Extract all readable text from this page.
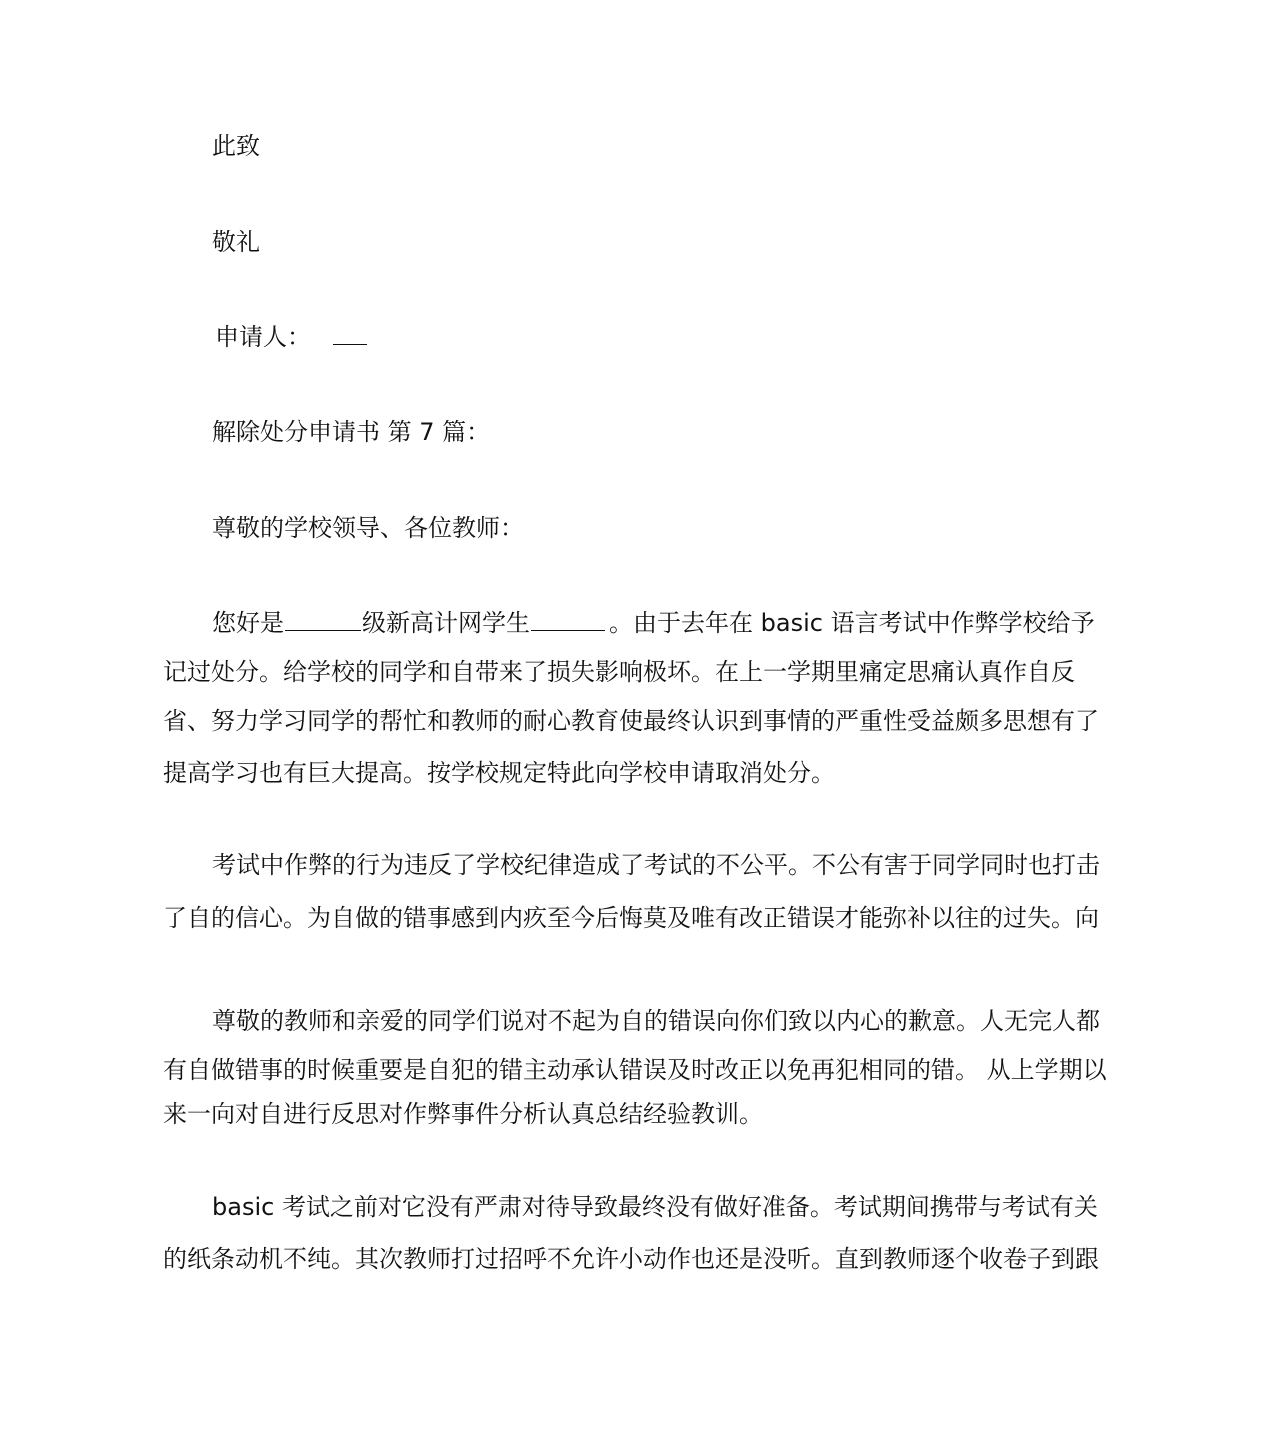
此致
敬礼
申请人：
解除处分申请书 第 7 篇：
尊敬的学校领导、各位教师：
您好是	级新高计网学生	。由于去年在 basic 语言考试中作弊学校给予
记过处分。给学校的同学和自带来了损失影响极坏。在上一学期里痛定思痛认真作自反
省、努力学习同学的帮忙和教师的耐心教育使最终认识到事情的严重性受益颇多思想有了
提高学习也有巨大提高。按学校规定特此向学校申请取消处分。
考试中作弊的行为违反了学校纪律造成了考试的不公平。不公有害于同学同时也打击
了自的信心。为自做的错事感到内疚至今后悔莫及唯有改正错误才能弥补以往的过失。向
尊敬的教师和亲爱的同学们说对不起为自的错误向你们致以内心的歉意。人无完人都
有自做错事的时候重要是自犯的错主动承认错误及时改正以免再犯相同的错。 从上学期以
来一向对自进行反思对作弊事件分析认真总结经验教训。
basic 考试之前对它没有严肃对待导致最终没有做好准备。考试期间携带与考试有关
的纸条动机不纯。其次教师打过招呼不允许小动作也还是没听。直到教师逐个收卷子到跟
